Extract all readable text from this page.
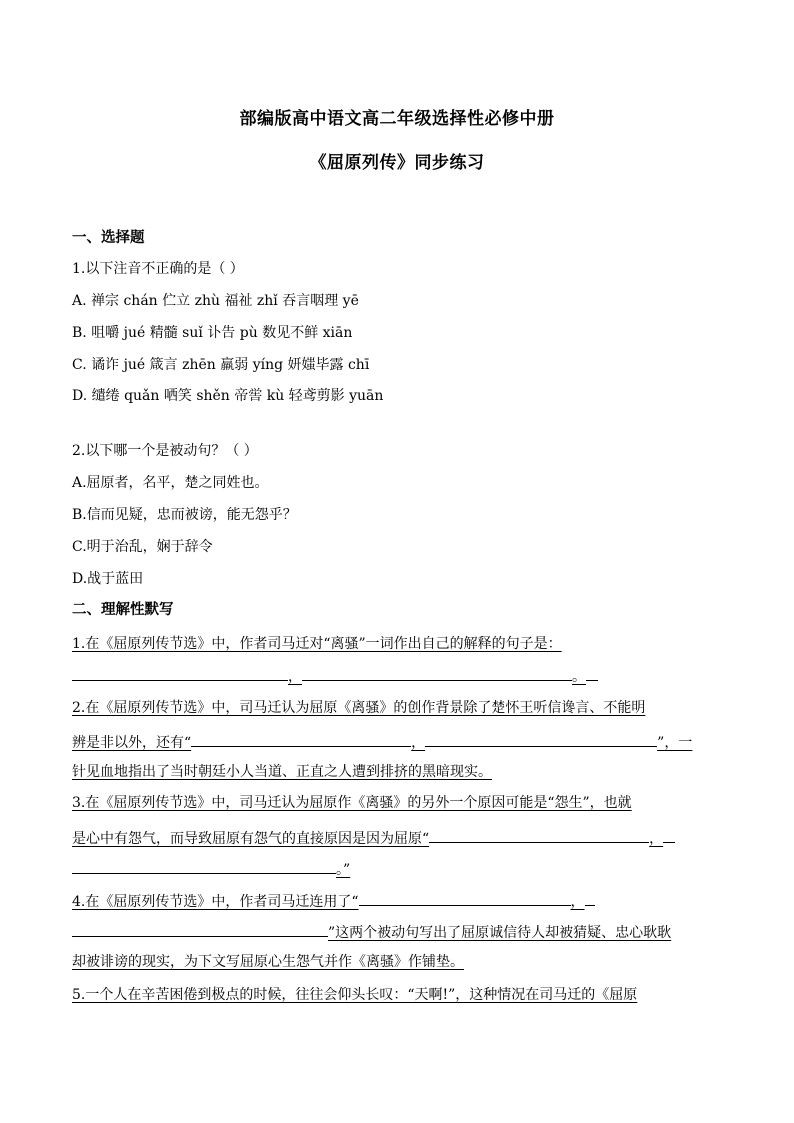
部编版高中语文高二年级选择性必修中册
《屈原列传》同步练习
一、选择题
1.以下注音不正确的是（ ）
A. 禅宗 chán 伫立 zhù 福祉 zhǐ 吞言咽理 yē
B. 咀嚼 jué 精髓 suǐ 讣告 pù 数见不鲜 xiān
C. 谲诈 jué 箴言 zhēn 羸弱 yíng 妍媸毕露 chī
D. 缱绻 quǎn 哂笑 shěn 帝喾 kù 轻鸢剪影 yuān
2.以下哪一个是被动句？（ ）
A.屈原者，名平，楚之同姓也。
B.信而见疑，忠而被谤，能无怨乎？
C.明于治乱，娴于辞令
D.战于蓝田
二、理解性默写
1.在《屈原列传节选》中，作者司马迁对“离骚”一词作出自己的解释的句子是：
，	。
2.在《屈原列传节选》中，司马迁认为屈原《离骚》的创作背景除了楚怀王听信谗言、不能明
辨是非以外，还有“	，	”，一
针见血地指出了当时朝廷小人当道、正直之人遭到排挤的黑暗现实。
3.在《屈原列传节选》中，司马迁认为屈原作《离骚》的另外一个原因可能是“怨生”，也就
是心中有怨气，而导致屈原有怨气的直接原因是因为屈原“	，
。”
4.在《屈原列传节选》中，作者司马迁连用了“	，
”这两个被动句写出了屈原诚信待人却被猜疑、忠心耿耿
却被诽谤的现实，为下文写屈原心生怨气并作《离骚》作铺垫。
5.一个人在辛苦困倦到极点的时候，往往会仰头长叹：“天啊!”，这种情况在司马迁的《屈原
